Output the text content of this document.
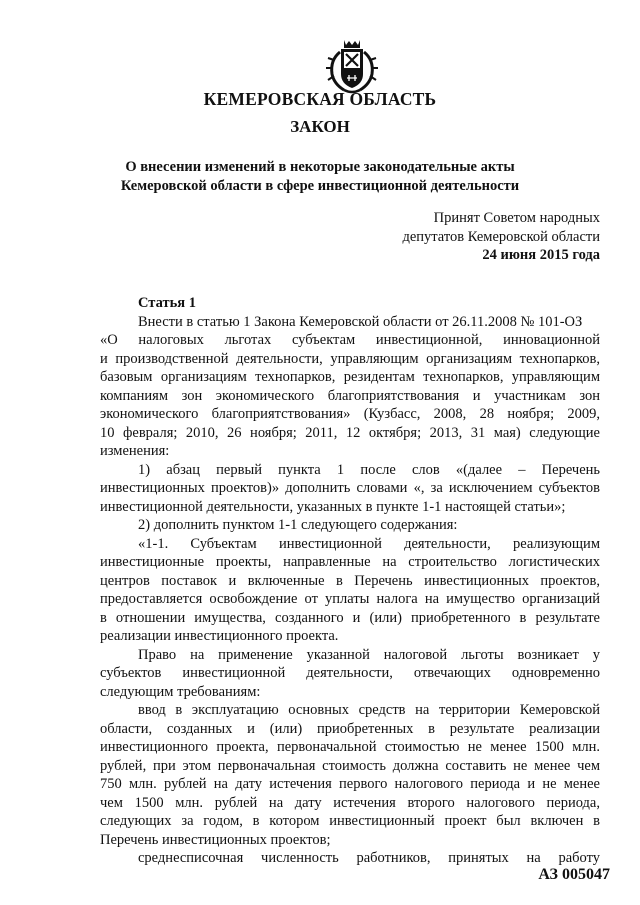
КЕМЕРОВСКАЯ ОБЛАСТЬ
ЗАКОН
О внесении изменений в некоторые законодательные акты
Кемеровской области в сфере инвестиционной деятельности
Принят Советом народных
депутатов Кемеровской области
24 июня 2015 года
Статья 1
Внести в статью 1 Закона Кемеровской области от 26.11.2008 № 101-ОЗ
«О налоговых льготах субъектам инвестиционной, инновационной
и производственной деятельности, управляющим организациям технопарков,
базовым организациям технопарков, резидентам технопарков, управляющим
компаниям зон экономического благоприятствования и участникам зон
экономического благоприятствования» (Кузбасс, 2008, 28 ноября; 2009,
10 февраля; 2010, 26 ноября; 2011, 12 октября; 2013, 31 мая) следующие
изменения:
1) абзац первый пункта 1 после слов «(далее – Перечень
инвестиционных проектов)» дополнить словами «, за исключением субъектов
инвестиционной деятельности, указанных в пункте 1-1 настоящей статьи»;
2) дополнить пунктом 1-1 следующего содержания:
«1-1. Субъектам инвестиционной деятельности, реализующим
инвестиционные проекты, направленные на строительство логистических
центров поставок и включенные в Перечень инвестиционных проектов,
предоставляется освобождение от уплаты налога на имущество организаций
в отношении имущества, созданного и (или) приобретенного в результате
реализации инвестиционного проекта.
Право на применение указанной налоговой льготы возникает у
субъектов инвестиционной деятельности, отвечающих одновременно
следующим требованиям:
ввод в эксплуатацию основных средств на территории Кемеровской
области, созданных и (или) приобретенных в результате реализации
инвестиционного проекта, первоначальной стоимостью не менее 1500 млн.
рублей, при этом первоначальная стоимость должна составить не менее чем
750 млн. рублей на дату истечения первого налогового периода и не менее
чем 1500 млн. рублей на дату истечения второго налогового периода,
следующих за годом, в котором инвестиционный проект был включен в
Перечень инвестиционных проектов;
среднесписочная численность работников, принятых на работу
АЗ 005047
